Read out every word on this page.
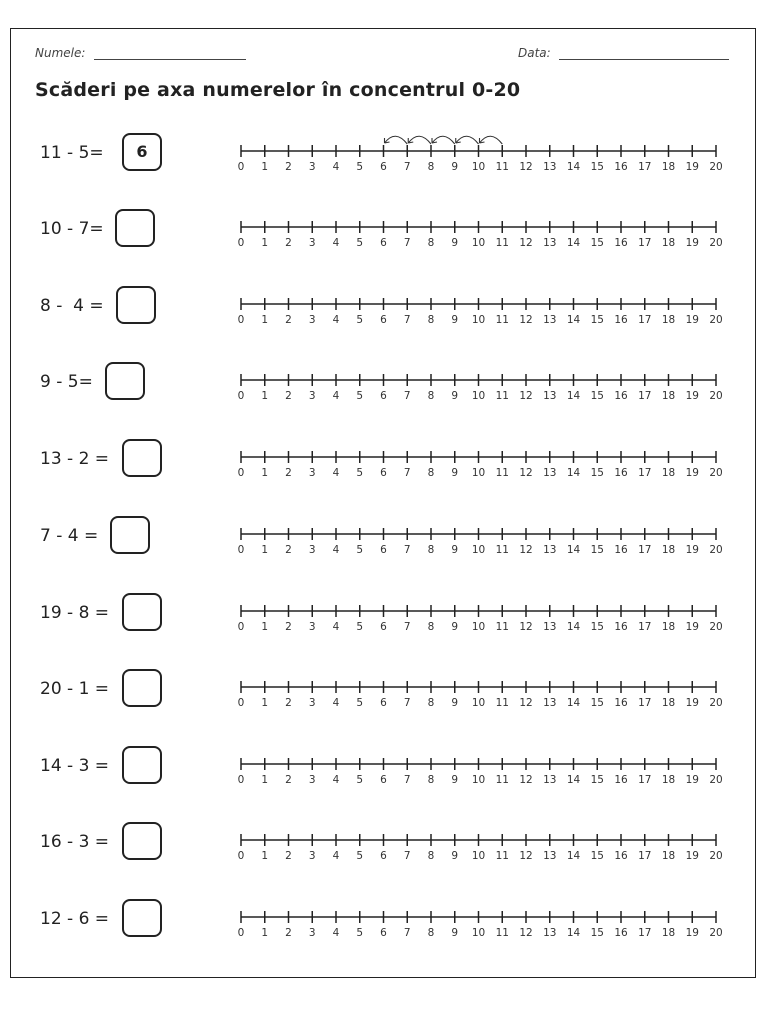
Numele:	Data:
Scăderi pe axa numerelor în concentrul 0-20
11 - 5=	6
0 1 2 3 4 5 6 7 8 9 10 11 12 13 14 15 16 17 18 19 20
10 - 7=
0 1 2 3 4 5 6 7 8 9 10 11 12 13 14 15 16 17 18 19 20
8 -  4 =
0 1 2 3 4 5 6 7 8 9 10 11 12 13 14 15 16 17 18 19 20
9 - 5=
0 1 2 3 4 5 6 7 8 9 10 11 12 13 14 15 16 17 18 19 20
13 - 2 =
0 1 2 3 4 5 6 7 8 9 10 11 12 13 14 15 16 17 18 19 20
7 - 4 =
0 1 2 3 4 5 6 7 8 9 10 11 12 13 14 15 16 17 18 19 20
19 - 8 =
0 1 2 3 4 5 6 7 8 9 10 11 12 13 14 15 16 17 18 19 20
20 - 1 =
0 1 2 3 4 5 6 7 8 9 10 11 12 13 14 15 16 17 18 19 20
14 - 3 =
0 1 2 3 4 5 6 7 8 9 10 11 12 13 14 15 16 17 18 19 20
16 - 3 =
0 1 2 3 4 5 6 7 8 9 10 11 12 13 14 15 16 17 18 19 20
12 - 6 =
0 1 2 3 4 5 6 7 8 9 10 11 12 13 14 15 16 17 18 19 20
